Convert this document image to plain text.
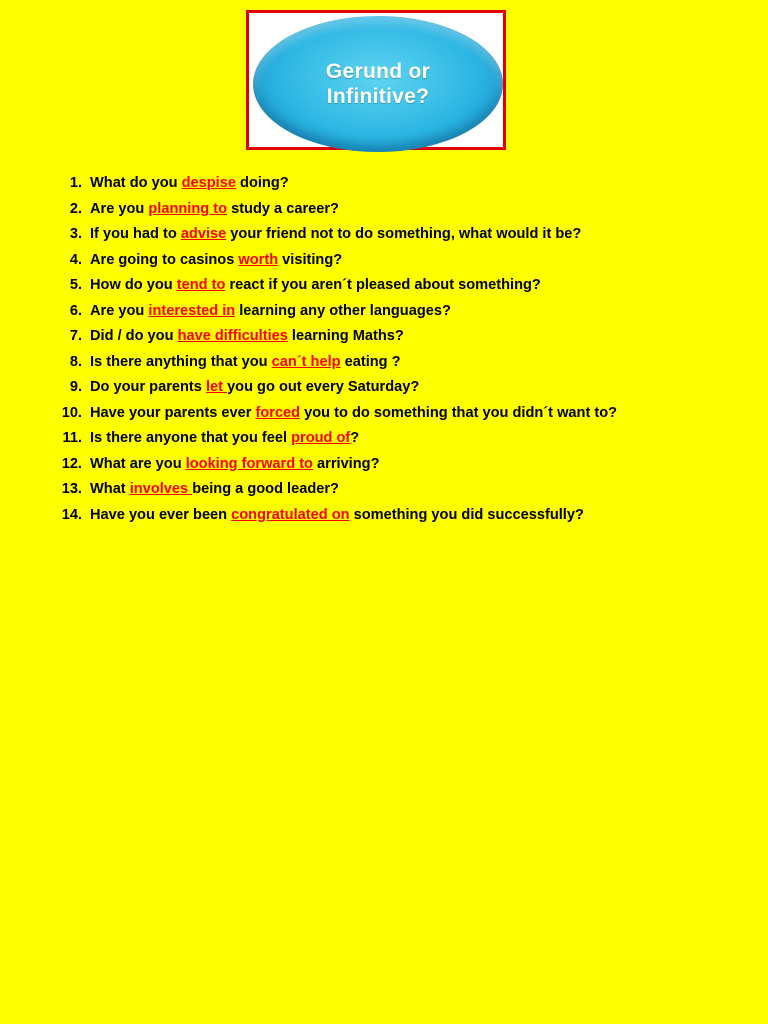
Gerund or
Infinitive?
1. What do you despise doing?
2. Are you planning to study a career?
3. If you had to advise your friend not to do something, what would it be?
4. Are going to casinos worth visiting?
5. How do you tend to react if you aren´t pleased about something?
6. Are you interested in learning any other languages?
7. Did / do you have difficulties learning Maths?
8. Is there anything that you can´t help eating ?
9. Do your parents let you go out every Saturday?
10. Have your parents ever forced you to do something that you didn´t want to?
11. Is there anyone that you feel proud of?
12. What are you looking forward to arriving?
13. What involves being a good leader?
14. Have you ever been congratulated on something you did successfully?
